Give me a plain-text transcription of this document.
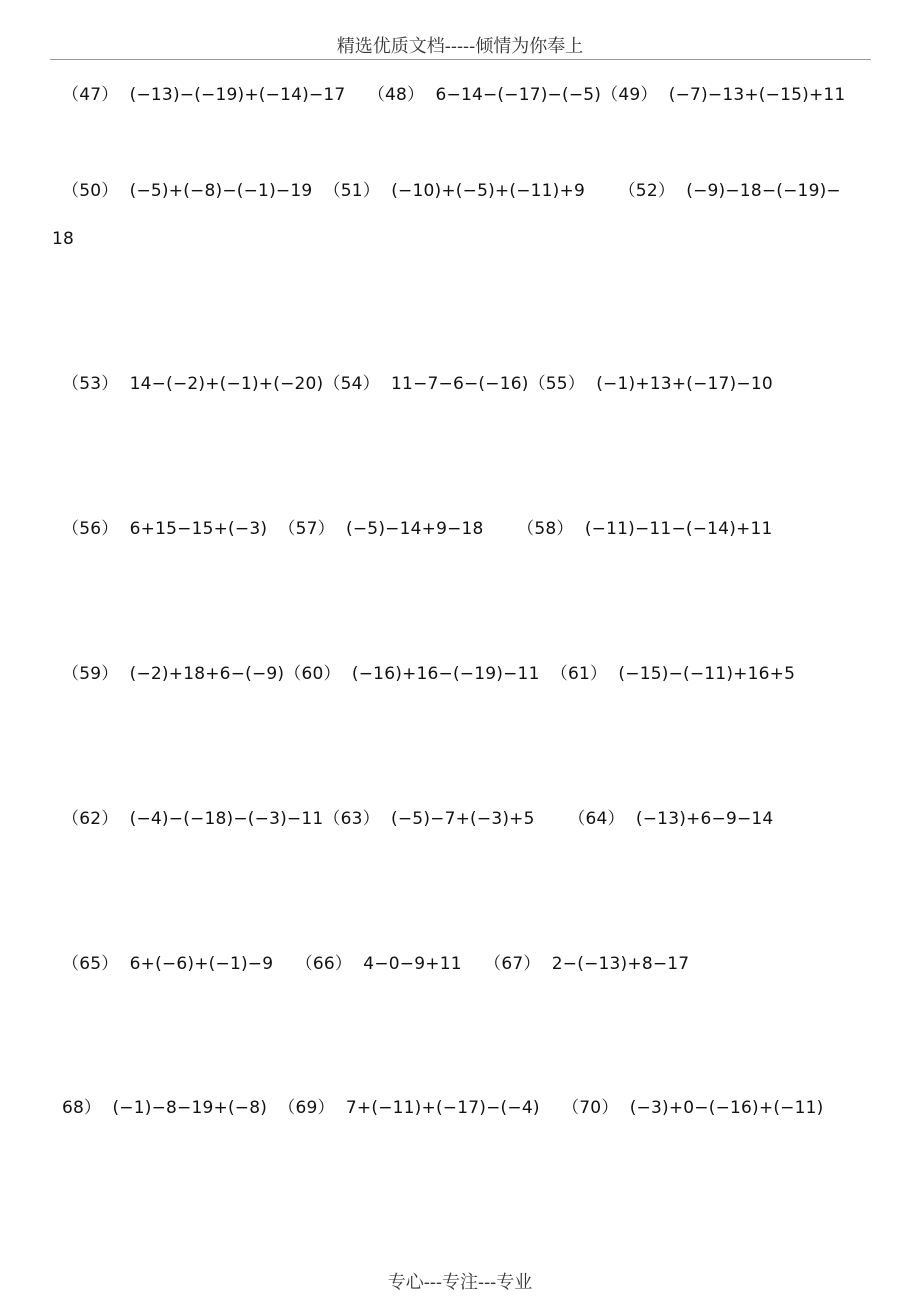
精选优质文档-----倾情为你奉上
（47）  (−13)−(−19)+(−14)−17    （48）  6−14−(−17)−(−5)（49）  (−7)−13+(−15)+11
（50）  (−5)+(−8)−(−1)−19  （51）  (−10)+(−5)+(−11)+9      （52）  (−9)−18−(−19)−
18
（53）  14−(−2)+(−1)+(−20)（54）  11−7−6−(−16)（55）  (−1)+13+(−17)−10
（56）  6+15−15+(−3)  （57）  (−5)−14+9−18      （58）  (−11)−11−(−14)+11
（59）  (−2)+18+6−(−9)（60）  (−16)+16−(−19)−11  （61）  (−15)−(−11)+16+5
（62）  (−4)−(−18)−(−3)−11（63）  (−5)−7+(−3)+5      （64）  (−13)+6−9−14
（65）  6+(−6)+(−1)−9    （66）  4−0−9+11    （67）  2−(−13)+8−17
68）  (−1)−8−19+(−8)  （69）  7+(−11)+(−17)−(−4)    （70）  (−3)+0−(−16)+(−11)
专心---专注---专业
